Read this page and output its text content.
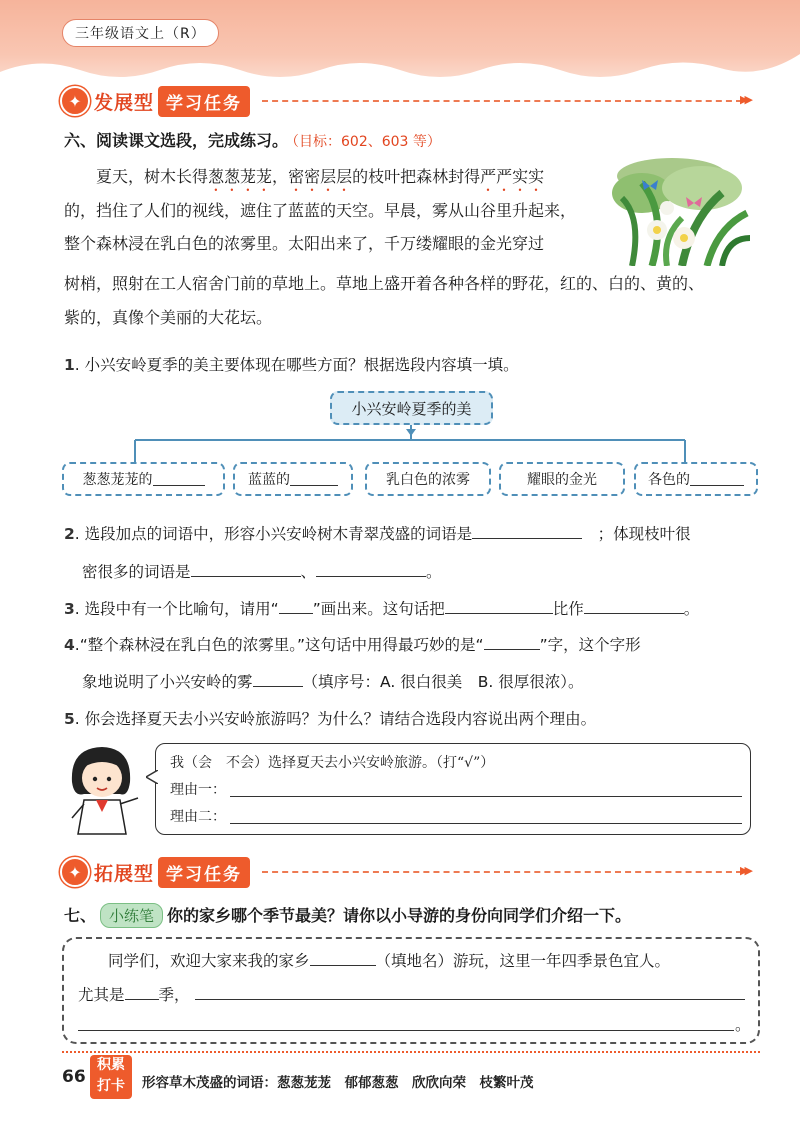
三年级语文上（R）
✦ 发展型 学习任务	▶▶
六、阅读课文选段，完成练习。 （目标：602、603 等）
　　夏天，树木长得葱葱茏茏，密密层层的枝叶把森林封得严严实实
的，挡住了人们的视线，遮住了蓝蓝的天空。早晨，雾从山谷里升起来，
整个森林浸在乳白色的浓雾里。太阳出来了，千万缕耀眼的金光穿过
树梢，照射在工人宿舍门前的草地上。草地上盛开着各种各样的野花，红的、白的、黄的、
紫的，真像个美丽的大花坛。
1. 小兴安岭夏季的美主要体现在哪些方面？根据选段内容填一填。
小兴安岭夏季的美
葱葱茏茏的	蓝蓝的	乳白色的浓雾	耀眼的金光	各色的
2. 选段加点的词语中，形容小兴安岭树木青翠茂盛的词语是　	；体现枝叶很
密很多的词语是	、	。
3. 选段中有一个比喻句，请用“ ”画出来。这句话把	比作	。
4.“整个森林浸在乳白色的浓雾里。”这句话中用得最巧妙的是“	”字，这个字形
象地说明了小兴安岭的雾	（填序号：A. 很白很美　B. 很厚很浓）。
5. 你会选择夏天去小兴安岭旅游吗？为什么？请结合选段内容说出两个理由。
我（会　不会）选择夏天去小兴安岭旅游。（打“√”）
理由一：
理由二：
✦ 拓展型 学习任务	▶▶
七、 小练笔 你的家乡哪个季节最美？请你以小导游的身份向同学们介绍一下。
同学们，欢迎大家来我的家乡	（填地名）游玩，这里一年四季景色宜人。
尤其是 季，
。
66
积累
打卡	形容草木茂盛的词语：葱葱茏茏　郁郁葱葱　欣欣向荣　枝繁叶茂
